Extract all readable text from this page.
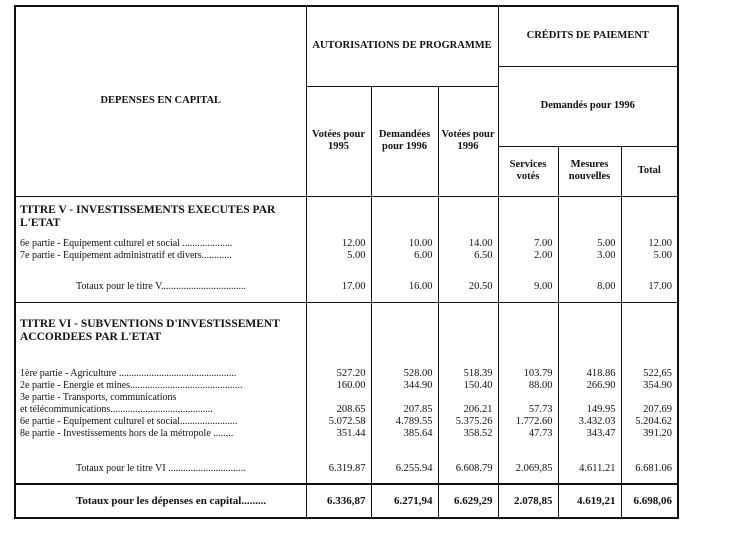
DEPENSES EN CAPITAL	AUTORISATIONS DE PROGRAMME			CRÉDITS DE PAIEMENT		
				Demandés pour 1996		
	Votées pour 1995	Demandées pour 1996	Votées pour 1996			
				Services votés	Mesures nouvelles	Total
TITRE V - INVESTISSEMENTS EXECUTES PAR L'ETAT						
6e partie - Équipement culturel et social ....................	12.00	10.00	14.00	7.00	5.00	12.00
7e partie - Équipement administratif et divers............	5.00	6.00	6.50	2.00	3.00	5.00

Totaux pour le titre V..................................	17.00	16.00	20.50	9.00	8.00	17.00

TITRE VI - SUBVENTIONS D'INVESTISSEMENT ACCORDEES PAR L'ETAT						

1ère partie - Agriculture ...............................................	527.20	528.00	518.39	103.79	418.86	522,65
2e partie - Énergie et mines.............................................	160.00	344.90	150.40	88.00	266.90	354.90
3e partie - Transports, communications						
et télécommunications.........................................	208.65	207.85	206.21	57.73	149.95	207.69
6e partie - Équipement culturel et social.......................	5.072.58	4.789.55	5.375.26	1.772.60	3.432.03	5.204.62
8e partie - Investissements hors de la métropole ........	351.44	385.64	358.52	47.73	343.47	391.20

Totaux pour le titre VI ...............................	6.319.87	6.255.94	6.608.79	2.069,85	4.611.21	6.681.06

Totaux pour les dépenses en capital.........	6.336,87	6.271,94	6.629,29	2.078,85	4.619,21	6.698,06
